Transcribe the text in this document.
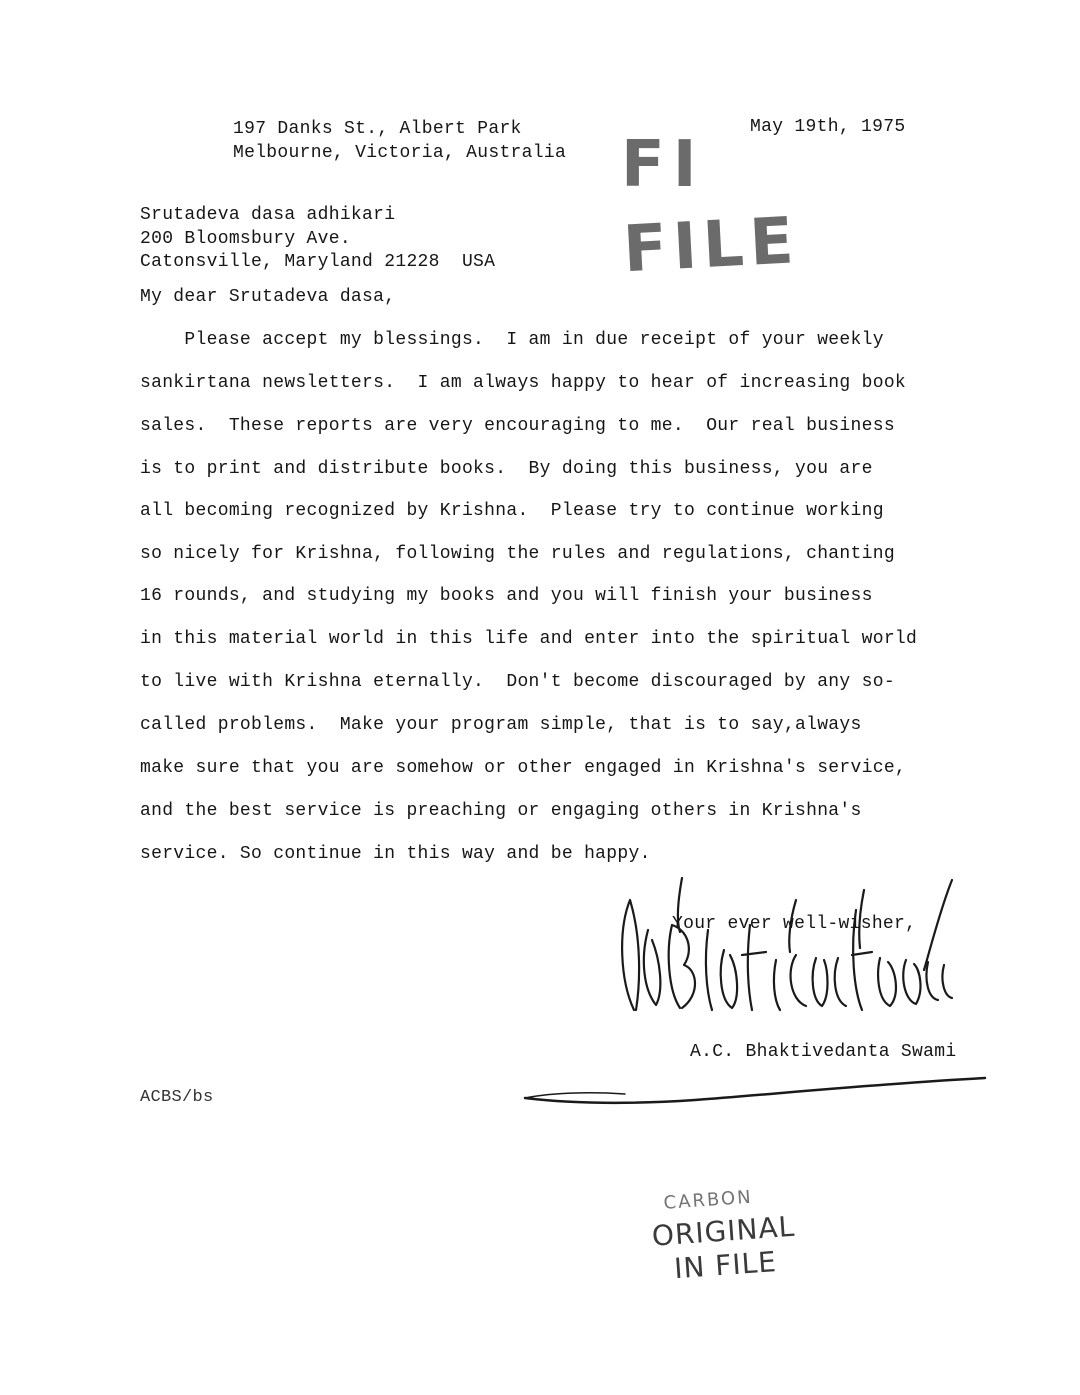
197 Danks St., Albert Park
Melbourne, Victoria, Australia
May 19th, 1975
FI
FILE
Srutadeva dasa adhikari
200 Bloomsbury Ave.
Catonsville, Maryland 21228  USA
My dear Srutadeva dasa,
Please accept my blessings.  I am in due receipt of your weekly
sankirtana newsletters.  I am always happy to hear of increasing book
sales.  These reports are very encouraging to me.  Our real business
is to print and distribute books.  By doing this business, you are
all becoming recognized by Krishna.  Please try to continue working
so nicely for Krishna, following the rules and regulations, chanting
16 rounds, and studying my books and you will finish your business
in this material world in this life and enter into the spiritual world
to live with Krishna eternally.  Don't become discouraged by any so-
called problems.  Make your program simple, that is to say,always
make sure that you are somehow or other engaged in Krishna's service,
and the best service is preaching or engaging others in Krishna's
service. So continue in this way and be happy.
Your ever well-wisher,
A.C. Bhaktivedanta Swami
ACBS/bs
CARBON
ORIGINAL
IN FILE
